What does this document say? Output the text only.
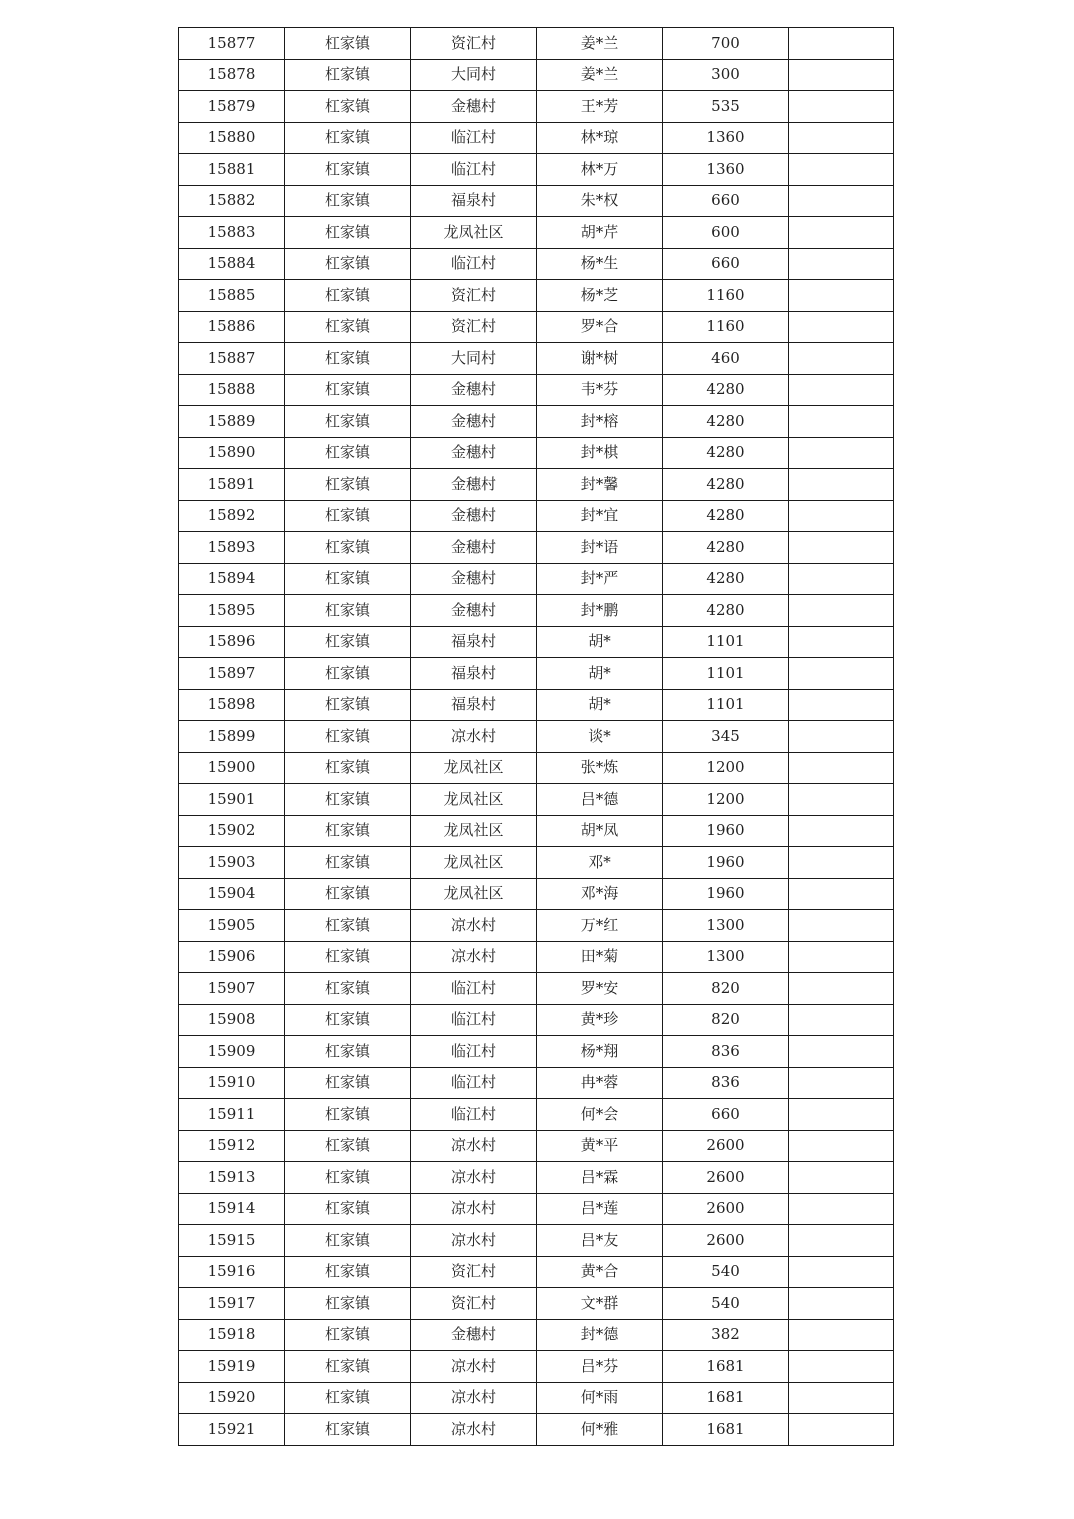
15877	杠家镇	资汇村	姜*兰	700	
15878	杠家镇	大同村	姜*兰	300	
15879	杠家镇	金穗村	王*芳	535	
15880	杠家镇	临江村	林*琼	1360	
15881	杠家镇	临江村	林*万	1360	
15882	杠家镇	福泉村	朱*权	660	
15883	杠家镇	龙凤社区	胡*芹	600	
15884	杠家镇	临江村	杨*生	660	
15885	杠家镇	资汇村	杨*芝	1160	
15886	杠家镇	资汇村	罗*合	1160	
15887	杠家镇	大同村	谢*树	460	
15888	杠家镇	金穗村	韦*芬	4280	
15889	杠家镇	金穗村	封*榕	4280	
15890	杠家镇	金穗村	封*棋	4280	
15891	杠家镇	金穗村	封*馨	4280	
15892	杠家镇	金穗村	封*宜	4280	
15893	杠家镇	金穗村	封*语	4280	
15894	杠家镇	金穗村	封*严	4280	
15895	杠家镇	金穗村	封*鹏	4280	
15896	杠家镇	福泉村	胡*	1101	
15897	杠家镇	福泉村	胡*	1101	
15898	杠家镇	福泉村	胡*	1101	
15899	杠家镇	凉水村	谈*	345	
15900	杠家镇	龙凤社区	张*炼	1200	
15901	杠家镇	龙凤社区	吕*德	1200	
15902	杠家镇	龙凤社区	胡*凤	1960	
15903	杠家镇	龙凤社区	邓*	1960	
15904	杠家镇	龙凤社区	邓*海	1960	
15905	杠家镇	凉水村	万*红	1300	
15906	杠家镇	凉水村	田*菊	1300	
15907	杠家镇	临江村	罗*安	820	
15908	杠家镇	临江村	黄*珍	820	
15909	杠家镇	临江村	杨*翔	836	
15910	杠家镇	临江村	冉*蓉	836	
15911	杠家镇	临江村	何*会	660	
15912	杠家镇	凉水村	黄*平	2600	
15913	杠家镇	凉水村	吕*霖	2600	
15914	杠家镇	凉水村	吕*莲	2600	
15915	杠家镇	凉水村	吕*友	2600	
15916	杠家镇	资汇村	黄*合	540	
15917	杠家镇	资汇村	文*群	540	
15918	杠家镇	金穗村	封*德	382	
15919	杠家镇	凉水村	吕*芬	1681	
15920	杠家镇	凉水村	何*雨	1681	
15921	杠家镇	凉水村	何*雅	1681	
